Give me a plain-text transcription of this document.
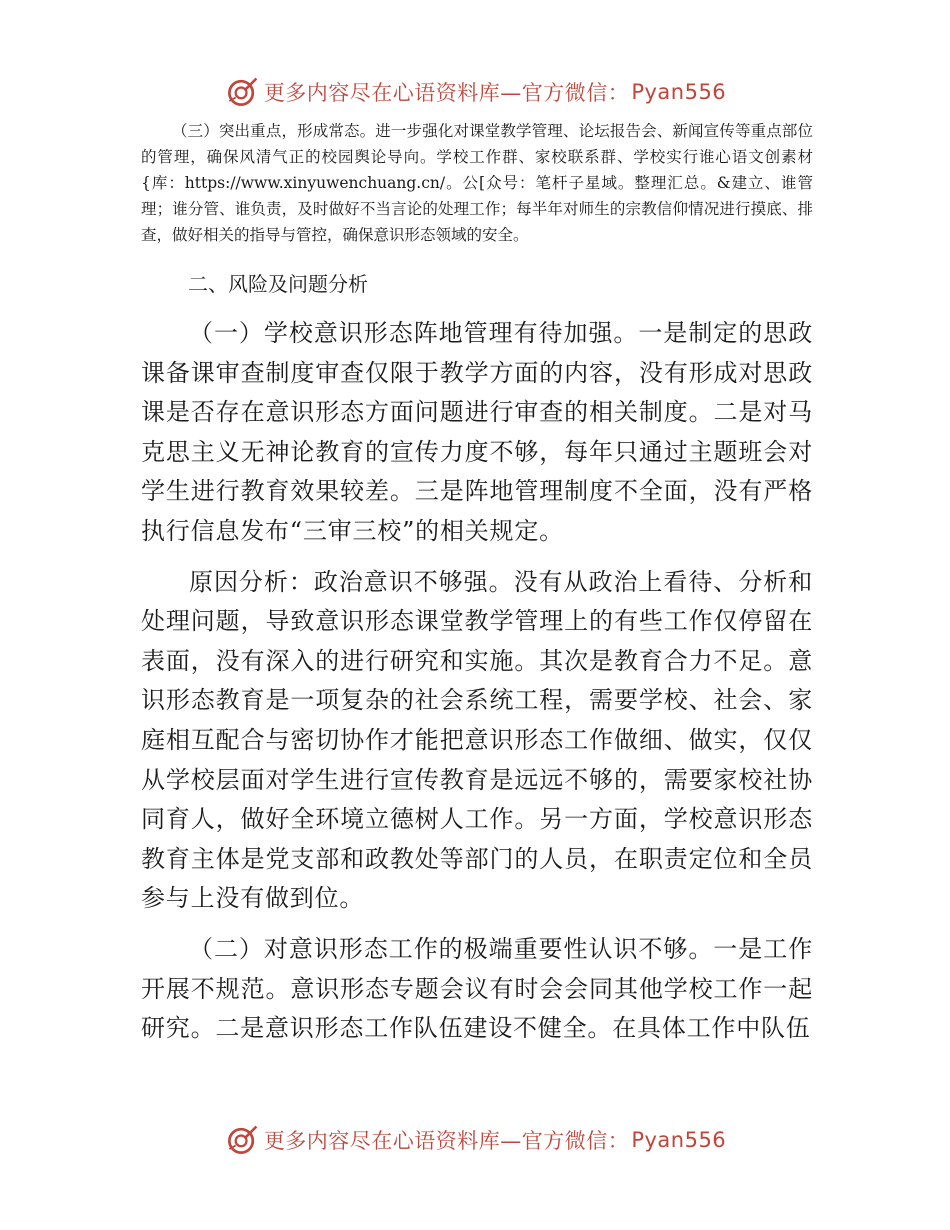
更多内容尽在心语资料库—官方微信： Pyan556

（三）突出重点，形成常态。进一步强化对课堂教学管理、论坛报告会、新闻宣传等重点部位的管理，确保风清气正的校园舆论导向。学校工作群、家校联系群、学校实行谁心语文创素材{库：https://www.xinyuwenchuang.cn/。公[众号：笔杆子星域。整理汇总。&建立、谁管理；谁分管、谁负责，及时做好不当言论的处理工作；每半年对师生的宗教信仰情况进行摸底、排查，做好相关的指导与管控，确保意识形态领域的安全。

二、风险及问题分析

（一）学校意识形态阵地管理有待加强。一是制定的思政课备课审查制度审查仅限于教学方面的内容，没有形成对思政课是否存在意识形态方面问题进行审查的相关制度。二是对马克思主义无神论教育的宣传力度不够，每年只通过主题班会对学生进行教育效果较差。三是阵地管理制度不全面，没有严格执行信息发布“三审三校”的相关规定。

原因分析：政治意识不够强。没有从政治上看待、分析和处理问题，导致意识形态课堂教学管理上的有些工作仅停留在表面，没有深入的进行研究和实施。其次是教育合力不足。意识形态教育是一项复杂的社会系统工程，需要学校、社会、家庭相互配合与密切协作才能把意识形态工作做细、做实，仅仅从学校层面对学生进行宣传教育是远远不够的，需要家校社协同育人，做好全环境立德树人工作。另一方面，学校意识形态教育主体是党支部和政教处等部门的人员，在职责定位和全员参与上没有做到位。

（二）对意识形态工作的极端重要性认识不够。一是工作开展不规范。意识形态专题会议有时会会同其他学校工作一起研究。二是意识形态工作队伍建设不健全。在具体工作中队伍

更多内容尽在心语资料库—官方微信： Pyan556
